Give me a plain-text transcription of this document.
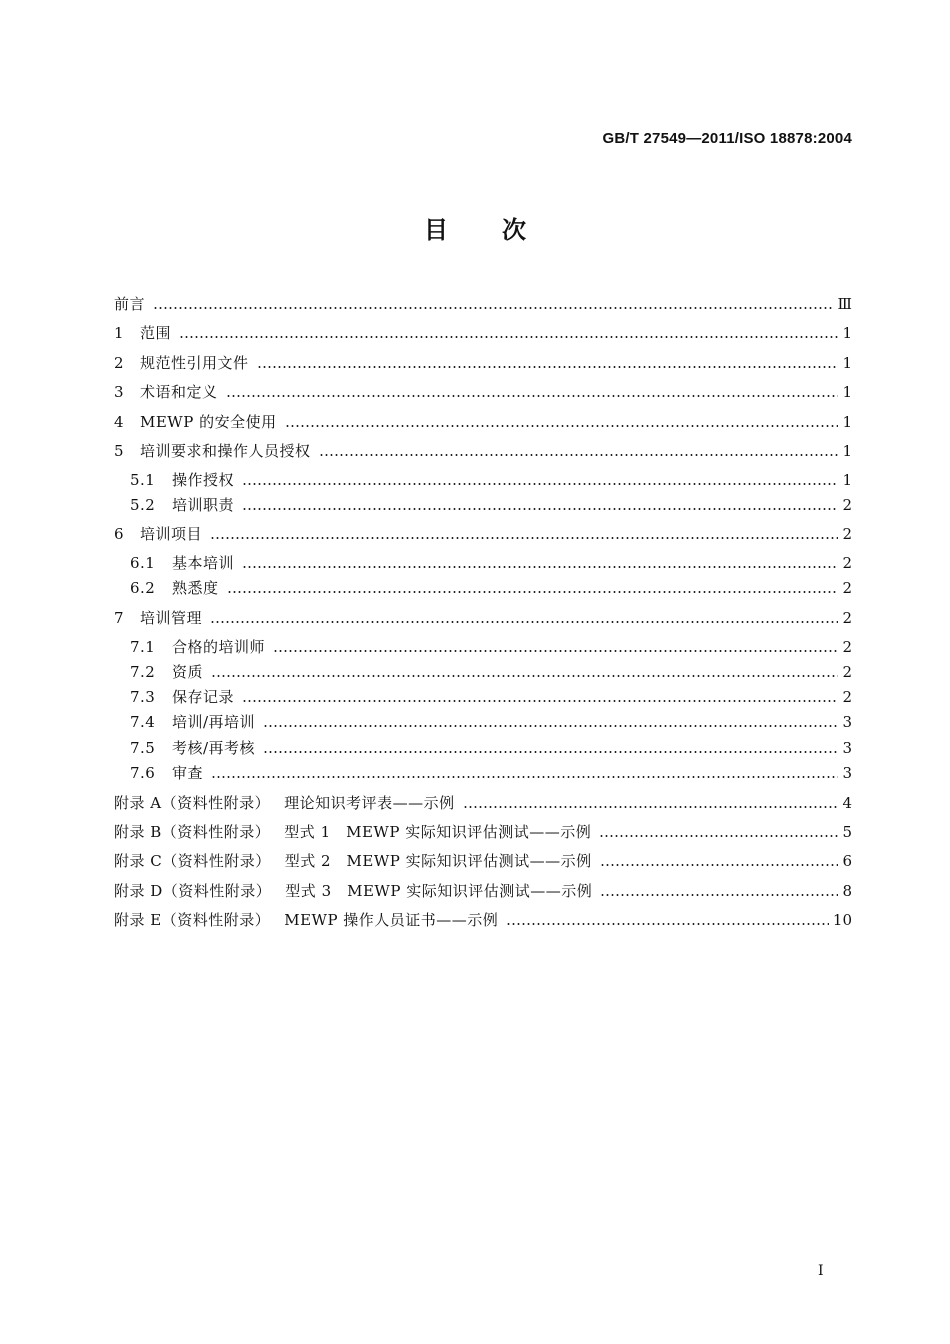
GB/T 27549—2011/ISO 18878:2004
目次
前言	Ⅲ
1 范围	1
2 规范性引用文件	1
3 术语和定义	1
4 MEWP 的安全使用	1
5 培训要求和操作人员授权	1
5.1 操作授权	1
5.2 培训职责	2
6 培训项目	2
6.1 基本培训	2
6.2 熟悉度	2
7 培训管理	2
7.1 合格的培训师	2
7.2 资质	2
7.3 保存记录	2
7.4 培训/再培训	3
7.5 考核/再考核	3
7.6 审查	3
附录 A（资料性附录） 理论知识考评表——示例	4
附录 B（资料性附录） 型式 1　MEWP 实际知识评估测试——示例	5
附录 C（资料性附录） 型式 2　MEWP 实际知识评估测试——示例	6
附录 D（资料性附录） 型式 3　MEWP 实际知识评估测试——示例	8
附录 E（资料性附录） MEWP 操作人员证书——示例	10
I
